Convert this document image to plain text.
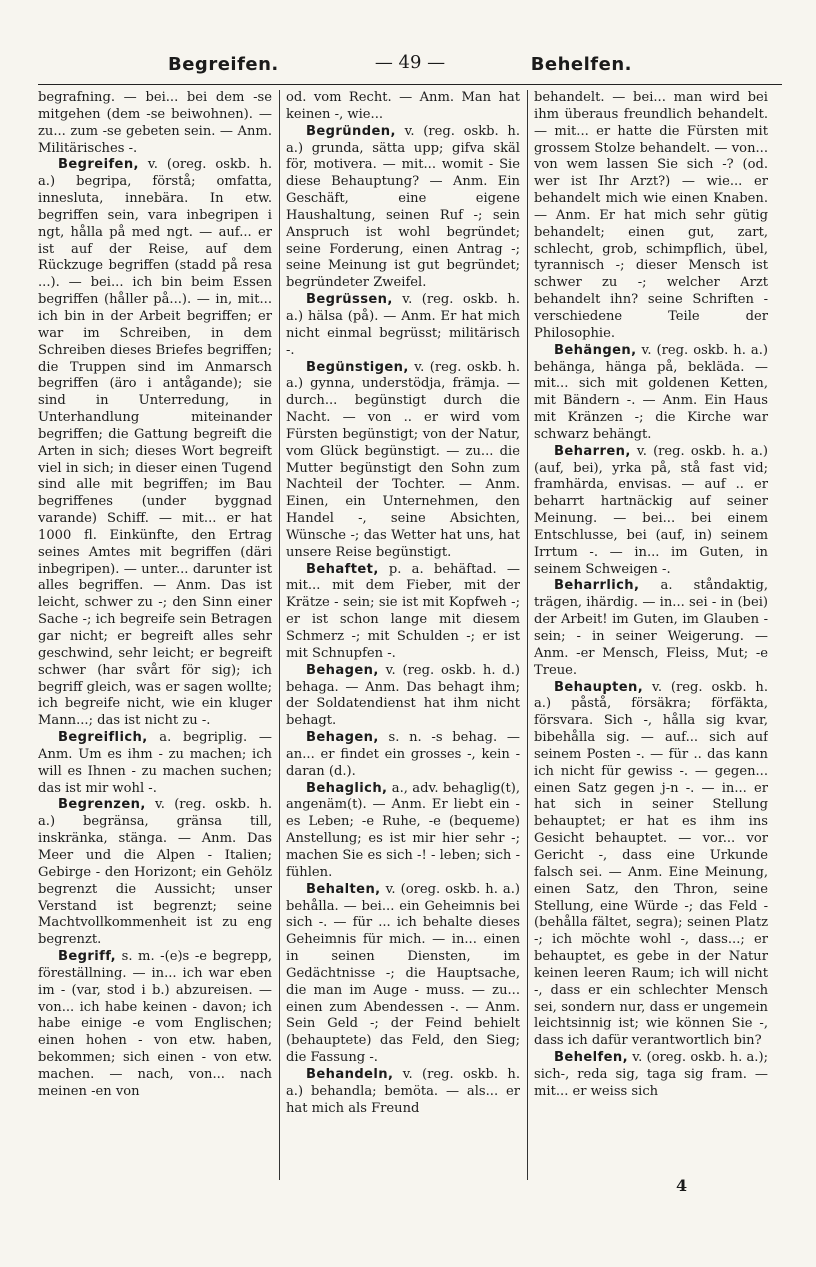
Begreifen.	— 49 —	Behelfen.

begrafning. — bei... bei dem -se mitgehen (dem -se beiwohnen). — zu... zum -se gebeten sein. — Anm. Militärisches -.

Begreifen, v. (oreg. oskb. h. a.) begripa, förstå; omfatta, innesluta, innebära. In etw. begriffen sein, vara inbegripen i ngt, hålla på med ngt. — auf... er ist auf der Reise, auf dem Rückzuge begriffen (stadd på resa ...). — bei... ich bin beim Essen begriffen (håller på...). — in, mit... ich bin in der Arbeit begriffen; er war im Schreiben, in dem Schreiben dieses Briefes begriffen; die Truppen sind im Anmarsch begriffen (äro i antågande); sie sind in Unterredung, in Unterhandlung miteinander begriffen; die Gattung begreift die Arten in sich; dieses Wort begreift viel in sich; in dieser einen Tugend sind alle mit begriffen; im Bau begriffenes (under byggnad varande) Schiff. — mit... er hat 1000 fl. Einkünfte, den Ertrag seines Amtes mit begriffen (däri inbegripen). — unter... darunter ist alles begriffen. — Anm. Das ist leicht, schwer zu -; den Sinn einer Sache -; ich begreife sein Betragen gar nicht; er begreift alles sehr geschwind, sehr leicht; er begreift schwer (har svårt för sig); ich begriff gleich, was er sagen wollte; ich begreife nicht, wie ein kluger Mann...; das ist nicht zu -.

Begreiflich, a. begriplig. — Anm. Um es ihm - zu machen; ich will es Ihnen - zu machen suchen; das ist mir wohl -.

Begrenzen, v. (reg. oskb. h. a.) begränsa, gränsa till, inskränka, stänga. — Anm. Das Meer und die Alpen - Italien; Gebirge - den Horizont; ein Gehölz begrenzt die Aussicht; unser Verstand ist begrenzt; seine Machtvollkommenheit ist zu eng begrenzt.

Begriff, s. m. -(e)s -e begrepp, föreställning. — in... ich war eben im - (var, stod i b.) abzureisen. — von... ich habe keinen - davon; ich habe einige -e vom Englischen; einen hohen - von etw. haben, bekommen; sich einen - von etw. machen. — nach, von... nach meinen -en von

od. vom Recht. — Anm. Man hat keinen -, wie...

Begründen, v. (reg. oskb. h. a.) grunda, sätta upp; gifva skäl för, motivera. — mit... womit - Sie diese Behauptung? — Anm. Ein Geschäft, eine eigene Haushaltung, seinen Ruf -; sein Anspruch ist wohl begründet; seine Forderung, einen Antrag -; seine Meinung ist gut begründet; begründeter Zweifel.

Begrüssen, v. (reg. oskb. h. a.) hälsa (på). — Anm. Er hat mich nicht einmal begrüsst; militärisch -.

Begünstigen, v. (reg. oskb. h. a.) gynna, understödja, främja. — durch... begünstigt durch die Nacht. — von .. er wird vom Fürsten begünstigt; von der Natur, vom Glück begünstigt. — zu... die Mutter begünstigt den Sohn zum Nachteil der Tochter. — Anm. Einen, ein Unternehmen, den Handel -, seine Absichten, Wünsche -; das Wetter hat uns, hat unsere Reise begünstigt.

Behaftet, p. a. behäftad. — mit... mit dem Fieber, mit der Krätze - sein; sie ist mit Kopfweh -; er ist schon lange mit diesem Schmerz -; mit Schulden -; er ist mit Schnupfen -.

Behagen, v. (reg. oskb. h. d.) behaga. — Anm. Das behagt ihm; der Soldatendienst hat ihm nicht behagt.

Behagen, s. n. -s behag. — an... er findet ein grosses -, kein - daran (d.).

Behaglich, a., adv. behaglig(t), angenäm(t). — Anm. Er liebt ein -es Leben; -e Ruhe, -e (bequeme) Anstellung; es ist mir hier sehr -; machen Sie es sich -! - leben; sich - fühlen.

Behalten, v. (oreg. oskb. h. a.) behålla. — bei... ein Geheimnis bei sich -. — für ... ich behalte dieses Geheimnis für mich. — in... einen in seinen Diensten, im Gedächtnisse -; die Hauptsache, die man im Auge - muss. — zu... einen zum Abendessen -. — Anm. Sein Geld -; der Feind behielt (behauptete) das Feld, den Sieg; die Fassung -.

Behandeln, v. (reg. oskb. h. a.) behandla; bemöta. — als... er hat mich als Freund

behandelt. — bei... man wird bei ihm überaus freundlich behandelt. — mit... er hatte die Fürsten mit grossem Stolze behandelt. — von... von wem lassen Sie sich -? (od. wer ist Ihr Arzt?) — wie... er behandelt mich wie einen Knaben. — Anm. Er hat mich sehr gütig behandelt; einen gut, zart, schlecht, grob, schimpflich, übel, tyrannisch -; dieser Mensch ist schwer zu -; welcher Arzt behandelt ihn? seine Schriften - verschiedene Teile der Philosophie.

Behängen, v. (reg. oskb. h. a.) behänga, hänga på, bekläda. — mit... sich mit goldenen Ketten, mit Bändern -. — Anm. Ein Haus mit Kränzen -; die Kirche war schwarz behängt.

Beharren, v. (reg. oskb. h. a.) (auf, bei), yrka på, stå fast vid; framhärda, envisas. — auf .. er beharrt hartnäckig auf seiner Meinung. — bei... bei einem Entschlusse, bei (auf, in) seinem Irrtum -. — in... im Guten, in seinem Schweigen -.

Beharrlich, a. ståndaktig, trägen, ihärdig. — in... sei - in (bei) der Arbeit! im Guten, im Glauben - sein; - in seiner Weigerung. — Anm. -er Mensch, Fleiss, Mut; -e Treue.

Behaupten, v. (reg. oskb. h. a.) påstå, försäkra; förfäkta, försvara. Sich -, hålla sig kvar, bibehålla sig. — auf... sich auf seinem Posten -. — für .. das kann ich nicht für gewiss -. — gegen... einen Satz gegen j-n -. — in... er hat sich in seiner Stellung behauptet; er hat es ihm ins Gesicht behauptet. — vor... vor Gericht -, dass eine Urkunde falsch sei. — Anm. Eine Meinung, einen Satz, den Thron, seine Stellung, eine Würde -; das Feld - (behålla fältet, segra); seinen Platz -; ich möchte wohl -, dass...; er behauptet, es gebe in der Natur keinen leeren Raum; ich will nicht -, dass er ein schlechter Mensch sei, sondern nur, dass er ungemein leichtsinnig ist; wie können Sie -, dass ich dafür verantwortlich bin?

Behelfen, v. (oreg. oskb. h. a.); sich-, reda sig, taga sig fram. — mit... er weiss sich

4
